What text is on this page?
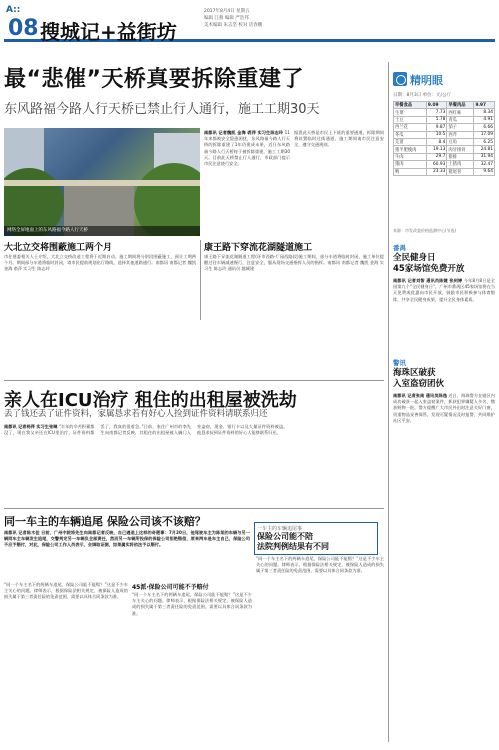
A::
08 搜城记+益街坊
2017年8月4日 星期五
编辑 江燕 编辑 严浩邦
美术编辑 朱志坚 校对 话春鹏
最“悲催”天桥真要拆除重建了
东风路福今路人行天桥已禁止行人通行，施工工期30天
网络全屏地面上的东风路福今路人行天桥
南都讯 记者魏凯 金海 裘萍 实习生陈志玲 11年来都被安全隐患困扰，东风路福今路人行天桥的拆除重建了1年仍建成未果，近日东风路福今路人行天桥终于被拆除重建，施工工期30天。目前此天桥禁止行人通行，市政部门提示市民注意绕行安全。
据悉此天桥是市民上下班的重要通道，拆除期间将设置临时过街通道，施工期间请市民注意安全，遵守交通规则。
大北立交将围蔽施工两个月
市住建委相关人士介绍，大北立交桥改造工程将于近期启动，施工期间将分阶段围蔽施工，预计工期两个月。期间部分车道将临时封闭，请市民提前规划出行路线，选择其他道路通行。南都讯 南都记者 魏凯 金海 裘萍 实习生 陈志玲
康王路下穿流花湖隧道施工
康王路下穿流花湖隧道工程(环市西路-广园西路段)施工期间，部分车道将临时封闭，施工单位提醒过往车辆减速慢行，注意安全，服从现场交通指挥人员的指挥。南都讯 南都记者 魏凯 金海 实习生 陈志玲 通讯员 越城建
精明眼
日期：8月3日 单位：元/公斤
早餐食品	9.09	早餐肉品	9.97
生菜	7.73	西红柿	8.34
土豆	5.78	青瓜	4.91
西兰花	9.87	茄子	6.66
冬瓜	10.5	西芹	17.09
芫荽	8.4	豆角	6.25
猪半肥瘦肉	19.13	肉牙排骨	24.81
牛肉	29.7	猪排	31.94
猪肉	60.93	土猪肉	32.47
鸭	23.33	猪尾骨	9.64
来源：市发改委价格监测中心(节选)
番禺
全民健身日
45家场馆免费开放
南都讯 记者刘智 通讯员陈婕 张剑婷 今年8月8日是全国第九个“全民健身日”，广州市番禺区45家场馆将在当天免费或优惠向市民开放，鼓励市民积极参与体育锻炼，共享全民健身成果，提升全民身体素质。
警讯
海珠区破获
入室盗窃团伙
南都讯 记者张南 通讯员陈逸 近日，海珠警方在辖区内成功破获一起入室盗窃案件，抓获犯罪嫌疑人多名，缴获赃物一批。警方提醒广大市民外出时注意关好门窗，贵重物品妥善保管，发现可疑情况及时报警，共同维护社区平安。
亲人在ICU治疗 租住的出租屋被洗劫
丢了钱还丢了证件资料，家属恳求若有好心人捡到证件资料请联系归还
南都讯 记者杨萍 实习生张琳 “半年的辛苦积蓄都没了，现在我父亲还在ICU里治疗，证件资料都丢了，我真的很着急。”日前，家住广州市的李先生向南都记者反映，其租住的出租屋被人撬门入室盗窃，现金、银行卡以及大量证件资料被盗。他恳求捡到证件资料的好心人能够联系归还。
同一车主的车辆追尾 保险公司该不该赔？
南都讯 记者陈木佳 日前，广州中院将先生向南都记者反映，自己遇追上这样的奇葩事：7月20日，他驾驶车主为陈某的车辆与另一辆同车主车辆发生追尾，交警判定另一车辆负全部责任，然而另一车辆所投保的保险公司拒绝赔偿，原来两车是车主自己，保险公司不应予赔付，对此，保险公司工作人员表示，会调取证据，如果属实将依法予以赔付。
一车主的车辆追尾事
保险公司能不陪
法院判例结果有不同
“同一个车主名下的两辆车追尾，保险公司能不能赔？”这是不少车主关心的问题。律师表示，根据保险法相关规定，被保险人造成的损失属于第三者责任险的免责范围，需要以具体合同条款为准。
45派·保险公司可能不予赔付
“同一个车主名下的两辆车追尾，保险公司能不能赔？”这是不少车主关心的问题。律师表示，根据保险法相关规定，被保险人造成的损失属于第三者责任险的免责范围，需要以具体合同条款为准。
“同一个车主名下的两辆车追尾，保险公司能不能赔？”这是不少车主关心的问题。律师表示，根据保险法相关规定，被保险人造成的损失属于第三者责任险的免责范围，需要以具体合同条款为准。
